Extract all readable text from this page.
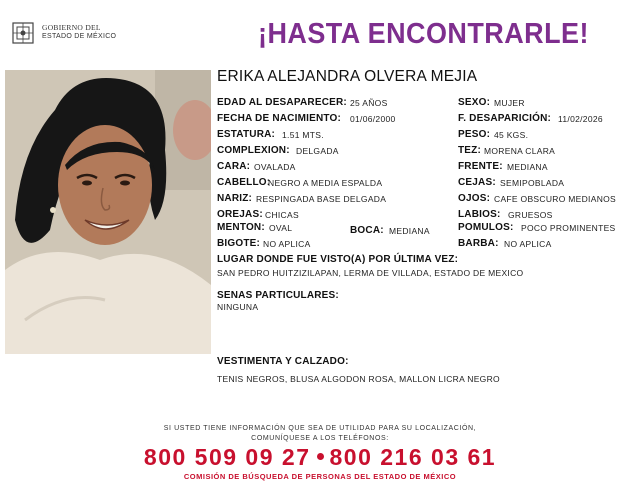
GOBIERNO DEL
ESTADO DE MÉXICO	¡HASTA ENCONTRARLE!
ERIKA ALEJANDRA OLVERA MEJIA
EDAD AL DESAPARECER: 25 AÑOS
FECHA DE NACIMIENTO: 01/06/2000
ESTATURA: 1.51 MTS.
COMPLEXION: DELGADA
CARA: OVALADA
CABELLO:
NEGRO A MEDIA ESPALDA
NARIZ: RESPINGADA BASE DELGADA
OREJAS: CHICAS
MENTON: OVAL	BOCA: MEDIANA
BIGOTE: NO APLICA
SEXO: MUJER
F. DESAPARICIÓN: 11/02/2026
PESO: 45 KGS.
TEZ: MORENA CLARA
FRENTE: MEDIANA
CEJAS: SEMIPOBLADA
OJOS: CAFE OBSCURO MEDIANOS
LABIOS: GRUESOS
POMULOS: POCO PROMINENTES
BARBA: NO APLICA
LUGAR DONDE FUE VISTO(A) POR ÚLTIMA VEZ:
SAN PEDRO HUITZIZILAPAN, LERMA DE VILLADA, ESTADO DE MEXICO
SENAS PARTICULARES:
NINGUNA
VESTIMENTA Y CALZADO:
TENIS NEGROS, BLUSA ALGODON ROSA, MALLON LICRA NEGRO
SI USTED TIENE INFORMACIÓN QUE SEA DE UTILIDAD PARA SU LOCALIZACIÓN,
COMUNÍQUESE A LOS TELÉFONOS:
800 509 09 27 800 216 03 61
COMISIÓN DE BÚSQUEDA DE PERSONAS DEL ESTADO DE MÉXICO
